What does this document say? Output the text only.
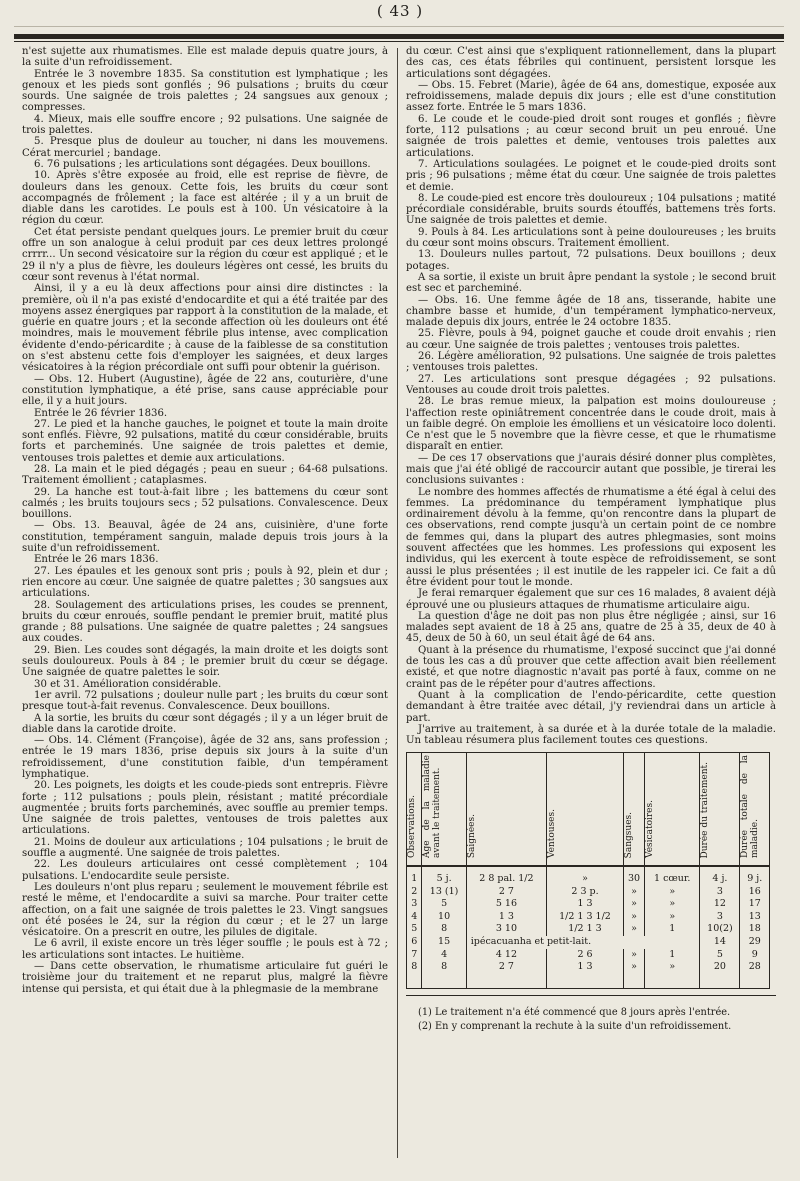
( 43 )

n'est sujette aux rhumatismes. Elle est malade depuis quatre jours, à la suite d'un refroidissement.

Entrée le 3 novembre 1835. Sa constitution est lymphatique ; les genoux et les pieds sont gonflés ; 96 pulsations ; bruits du cœur sourds. Une saignée de trois palettes ; 24 sangsues aux genoux ; compresses.

4. Mieux, mais elle souffre encore ; 92 pulsations. Une saignée de trois palettes.

5. Presque plus de douleur au toucher, ni dans les mouvemens. Cérat mercuriel ; bandage.

6. 76 pulsations ; les articulations sont dégagées. Deux bouillons.

10. Après s'être exposée au froid, elle est reprise de fièvre, de douleurs dans les genoux. Cette fois, les bruits du cœur sont accompagnés de frôlement ; la face est altérée ; il y a un bruit de diable dans les carotides. Le pouls est à 100. Un vésicatoire à la région du cœur.

Cet état persiste pendant quelques jours. Le premier bruit du cœur offre un son analogue à celui produit par ces deux lettres prolongé crrrr... Un second vésicatoire sur la région du cœur est appliqué ; et le 29 il n'y a plus de fièvre, les douleurs légères ont cessé, les bruits du cœur sont revenus à l'état normal.

Ainsi, il y a eu là deux affections pour ainsi dire distinctes : la première, où il n'a pas existé d'endocardite et qui a été traitée par des moyens assez énergiques par rapport à la constitution de la malade, et guérie en quatre jours ; et la seconde affection où les douleurs ont été moindres, mais le mouvement fébrile plus intense, avec complication évidente d'endo-péricardite ; à cause de la faiblesse de sa constitution on s'est abstenu cette fois d'employer les saignées, et deux larges vésicatoires à la région précordiale ont suffi pour obtenir la guérison.

— Obs. 12. Hubert (Augustine), âgée de 22 ans, couturière, d'une constitution lymphatique, a été prise, sans cause appréciable pour elle, il y a huit jours.

Entrée le 26 février 1836.

27. Le pied et la hanche gauches, le poignet et toute la main droite sont enflés. Fièvre, 92 pulsations, matité du cœur considérable, bruits forts et parcheminés. Une saignée de trois palettes et demie, ventouses trois palettes et demie aux articulations.

28. La main et le pied dégagés ; peau en sueur ; 64-68 pulsations. Traitement émollient ; cataplasmes.

29. La hanche est tout-à-fait libre ; les battemens du cœur sont calmés ; les bruits toujours secs ; 52 pulsations. Convalescence. Deux bouillons.

— Obs. 13. Beauval, âgée de 24 ans, cuisinière, d'une forte constitution, tempérament sanguin, malade depuis trois jours à la suite d'un refroidissement.

Entrée le 26 mars 1836.

27. Les épaules et les genoux sont pris ; pouls à 92, plein et dur ; rien encore au cœur. Une saignée de quatre palettes ; 30 sangsues aux articulations.

28. Soulagement des articulations prises, les coudes se prennent, bruits du cœur enroués, souffle pendant le premier bruit, matité plus grande ; 88 pulsations. Une saignée de quatre palettes ; 24 sangsues aux coudes.

29. Bien. Les coudes sont dégagés, la main droite et les doigts sont seuls douloureux. Pouls à 84 ; le premier bruit du cœur se dégage. Une saignée de quatre palettes le soir.

30 et 31. Amélioration considérable.

1er avril. 72 pulsations ; douleur nulle part ; les bruits du cœur sont presque tout-à-fait revenus. Convalescence. Deux bouillons.

A la sortie, les bruits du cœur sont dégagés ; il y a un léger bruit de diable dans la carotide droite.

— Obs. 14. Clément (Françoise), âgée de 32 ans, sans profession ; entrée le 19 mars 1836, prise depuis six jours à la suite d'un refroidissement, d'une constitution faible, d'un tempérament lymphatique.

20. Les poignets, les doigts et les coude-pieds sont entrepris. Fièvre forte ; 112 pulsations ; pouls plein, résistant ; matité précordiale augmentée ; bruits forts parcheminés, avec souffle au premier temps. Une saignée de trois palettes, ventouses de trois palettes aux articulations.

21. Moins de douleur aux articulations ; 104 pulsations ; le bruit de souffle a augmenté. Une saignée de trois palettes.

22. Les douleurs articulaires ont cessé complètement ; 104 pulsations. L'endocardite seule persiste.

Les douleurs n'ont plus reparu ; seulement le mouvement fébrile est resté le même, et l'endocardite a suivi sa marche. Pour traiter cette affection, on a fait une saignée de trois palettes le 23. Vingt sangsues ont été posées le 24, sur la région du cœur ; et le 27 un large vésicatoire. On a prescrit en outre, les pilules de digitale.

Le 6 avril, il existe encore un très léger souffle ; le pouls est à 72 ; les articulations sont intactes. Le huitième.

— Dans cette observation, le rhumatisme articulaire fut guéri le troisième jour du traitement et ne reparut plus, malgré la fièvre intense qui persista, et qui était due à la phlegmasie de la membrane

du cœur. C'est ainsi que s'expliquent rationnellement, dans la plupart des cas, ces états fébriles qui continuent, persistent lorsque les articulations sont dégagées.

— Obs. 15. Febret (Marie), âgée de 64 ans, domestique, exposée aux refroidissemens, malade depuis dix jours ; elle est d'une constitution assez forte. Entrée le 5 mars 1836.

6. Le coude et le coude-pied droit sont rouges et gonflés ; fièvre forte, 112 pulsations ; au cœur second bruit un peu enroué. Une saignée de trois palettes et demie, ventouses trois palettes aux articulations.

7. Articulations soulagées. Le poignet et le coude-pied droits sont pris ; 96 pulsations ; même état du cœur. Une saignée de trois palettes et demie.

8. Le coude-pied est encore très douloureux ; 104 pulsations ; matité précordiale considérable, bruits sourds étouffés, battemens très forts. Une saignée de trois palettes et demie.

9. Pouls à 84. Les articulations sont à peine douloureuses ; les bruits du cœur sont moins obscurs. Traitement émollient.

13. Douleurs nulles partout, 72 pulsations. Deux bouillons ; deux potages.

A sa sortie, il existe un bruit âpre pendant la systole ; le second bruit est sec et parcheminé.

— Obs. 16. Une femme âgée de 18 ans, tisserande, habite une chambre basse et humide, d'un tempérament lymphatico-nerveux, malade depuis dix jours, entrée le 24 octobre 1835.

25. Fièvre, pouls à 94, poignet gauche et coude droit envahis ; rien au cœur. Une saignée de trois palettes ; ventouses trois palettes.

26. Légère amélioration, 92 pulsations. Une saignée de trois palettes ; ventouses trois palettes.

27. Les articulations sont presque dégagées ; 92 pulsations. Ventouses au coude droit trois palettes.

28. Le bras remue mieux, la palpation est moins douloureuse ; l'affection reste opiniâtrement concentrée dans le coude droit, mais à un faible degré. On emploie les émolliens et un vésicatoire loco dolenti. Ce n'est que le 5 novembre que la fièvre cesse, et que le rhumatisme disparaît en entier.

— De ces 17 observations que j'aurais désiré donner plus complètes, mais que j'ai été obligé de raccourcir autant que possible, je tirerai les conclusions suivantes :

Le nombre des hommes affectés de rhumatisme a été égal à celui des femmes. La prédominance du tempérament lymphatique plus ordinairement dévolu à la femme, qu'on rencontre dans la plupart de ces observations, rend compte jusqu'à un certain point de ce nombre de femmes qui, dans la plupart des autres phlegmasies, sont moins souvent affectées que les hommes. Les professions qui exposent les individus, qui les exercent à toute espèce de refroidissement, se sont aussi le plus présentées ; il est inutile de les rappeler ici. Ce fait a dû être évident pour tout le monde.

Je ferai remarquer également que sur ces 16 malades, 8 avaient déjà éprouvé une ou plusieurs attaques de rhumatisme articulaire aigu.

La question d'âge ne doit pas non plus être négligée ; ainsi, sur 16 malades sept avaient de 18 à 25 ans, quatre de 25 à 35, deux de 40 à 45, deux de 50 à 60, un seul était âgé de 64 ans.

Quant à la présence du rhumatisme, l'exposé succinct que j'ai donné de tous les cas a dû prouver que cette affection avait bien réellement existé, et que notre diagnostic n'avait pas porté à faux, comme on ne craint pas de le répéter pour d'autres affections.

Quant à la complication de l'endo-péricardite, cette question demandant à être traitée avec détail, j'y reviendrai dans un article à part.

J'arrive au traitement, à sa durée et à la durée totale de la maladie. Un tableau résumera plus facilement toutes ces questions.

Observations.	Age de la maladie avant le traitement.	Saignées.	Ventouses.	Sangsues.	Vésicatoires.	Durée du traitement.	Durée totale de la maladie.
1	5 j.	2 8 pal. 1/2	»	30	1 cœur.	4 j.	9 j.
2	13 (1)	2 7	2 3 p.	»	»	3	16
3	5	5 16	1 3	»	»	12	17
4	10	1 3	1/2 1 3 1/2	»	»	3	13
5	8	3 10	1/2 1 3	»	1	10(2)	18
6	15	ipécacuanha et petit-lait.				14	29
7	4	4 12	2 6	»	1	5	9
8	8	2 7	1 3	»	»	20	28

(1) Le traitement n'a été commencé que 8 jours après l'entrée.

(2) En y comprenant la rechute à la suite d'un refroidissement.
